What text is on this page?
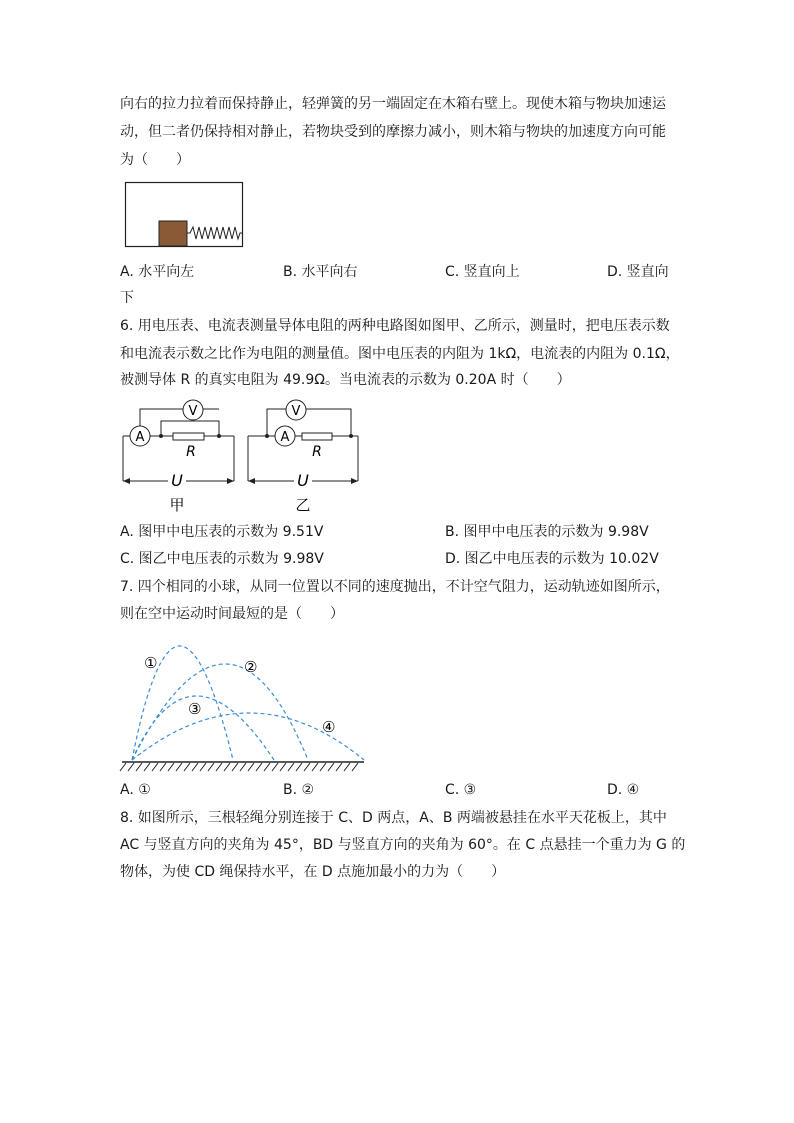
向右的拉力拉着而保持静止，轻弹簧的另一端固定在木箱右壁上。现使木箱与物块加速运
动，但二者仍保持相对静止，若物块受到的摩擦力减小，则木箱与物块的加速度方向可能
为（　　）
A. 水平向左	B. 水平向右	C. 竖直向上	D. 竖直向
下
6. 用电压表、电流表测量导体电阻的两种电路图如图甲、乙所示，测量时，把电压表示数
和电流表示数之比作为电阻的测量值。图中电压表的内阻为 1kΩ，电流表的内阻为 0.1Ω，
被测导体 R 的真实电阻为 49.9Ω。当电流表的示数为 0.20A 时（　　）
V
A
R
U
甲
V
A
R
U
乙
A. 图甲中电压表的示数为 9.51V	B. 图甲中电压表的示数为 9.98V
C. 图乙中电压表的示数为 9.98V	D. 图乙中电压表的示数为 10.02V
7. 四个相同的小球，从同一位置以不同的速度抛出，不计空气阻力，运动轨迹如图所示，
则在空中运动时间最短的是（　　）
①	②
③
④
A. ①	B. ②	C. ③	D. ④
8. 如图所示，三根轻绳分别连接于 C、D 两点，A、B 两端被悬挂在水平天花板上，其中
AC 与竖直方向的夹角为 45°，BD 与竖直方向的夹角为 60°。在 C 点悬挂一个重力为 G 的
物体，为使 CD 绳保持水平，在 D 点施加最小的力为（　　）
